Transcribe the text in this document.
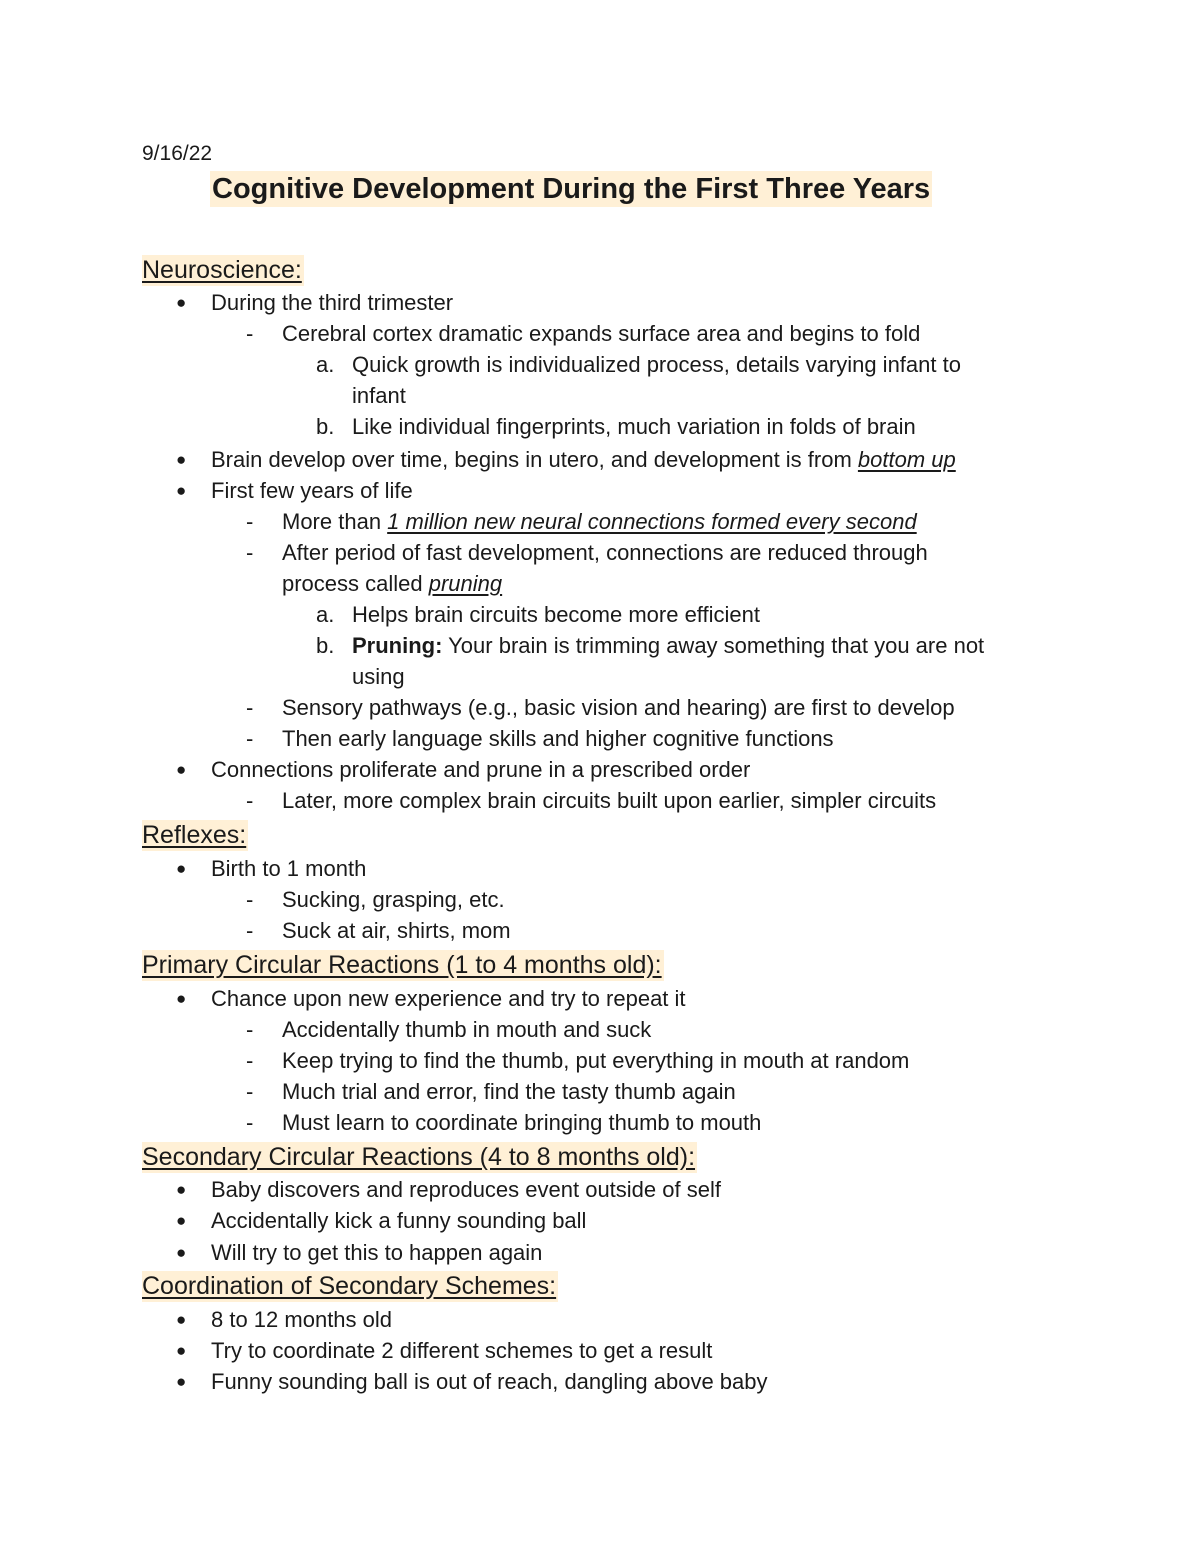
9/16/22
Cognitive Development During the First Three Years
Neuroscience:
● During the third trimester
- Cerebral cortex dramatic expands surface area and begins to fold
a. Quick growth is individualized process, details varying infant to
infant
b. Like individual fingerprints, much variation in folds of brain
● Brain develop over time, begins in utero, and development is from bottom up
● First few years of life
- More than 1 million new neural connections formed every second
- After period of fast development, connections are reduced through
process called pruning
a. Helps brain circuits become more efficient
b. Pruning: Your brain is trimming away something that you are not
using
- Sensory pathways (e.g., basic vision and hearing) are first to develop
- Then early language skills and higher cognitive functions
● Connections proliferate and prune in a prescribed order
- Later, more complex brain circuits built upon earlier, simpler circuits
Reflexes:
● Birth to 1 month
- Sucking, grasping, etc.
- Suck at air, shirts, mom
Primary Circular Reactions (1 to 4 months old):
● Chance upon new experience and try to repeat it
- Accidentally thumb in mouth and suck
- Keep trying to find the thumb, put everything in mouth at random
- Much trial and error, find the tasty thumb again
- Must learn to coordinate bringing thumb to mouth
Secondary Circular Reactions (4 to 8 months old):
● Baby discovers and reproduces event outside of self
● Accidentally kick a funny sounding ball
● Will try to get this to happen again
Coordination of Secondary Schemes:
● 8 to 12 months old
● Try to coordinate 2 different schemes to get a result
● Funny sounding ball is out of reach, dangling above baby
